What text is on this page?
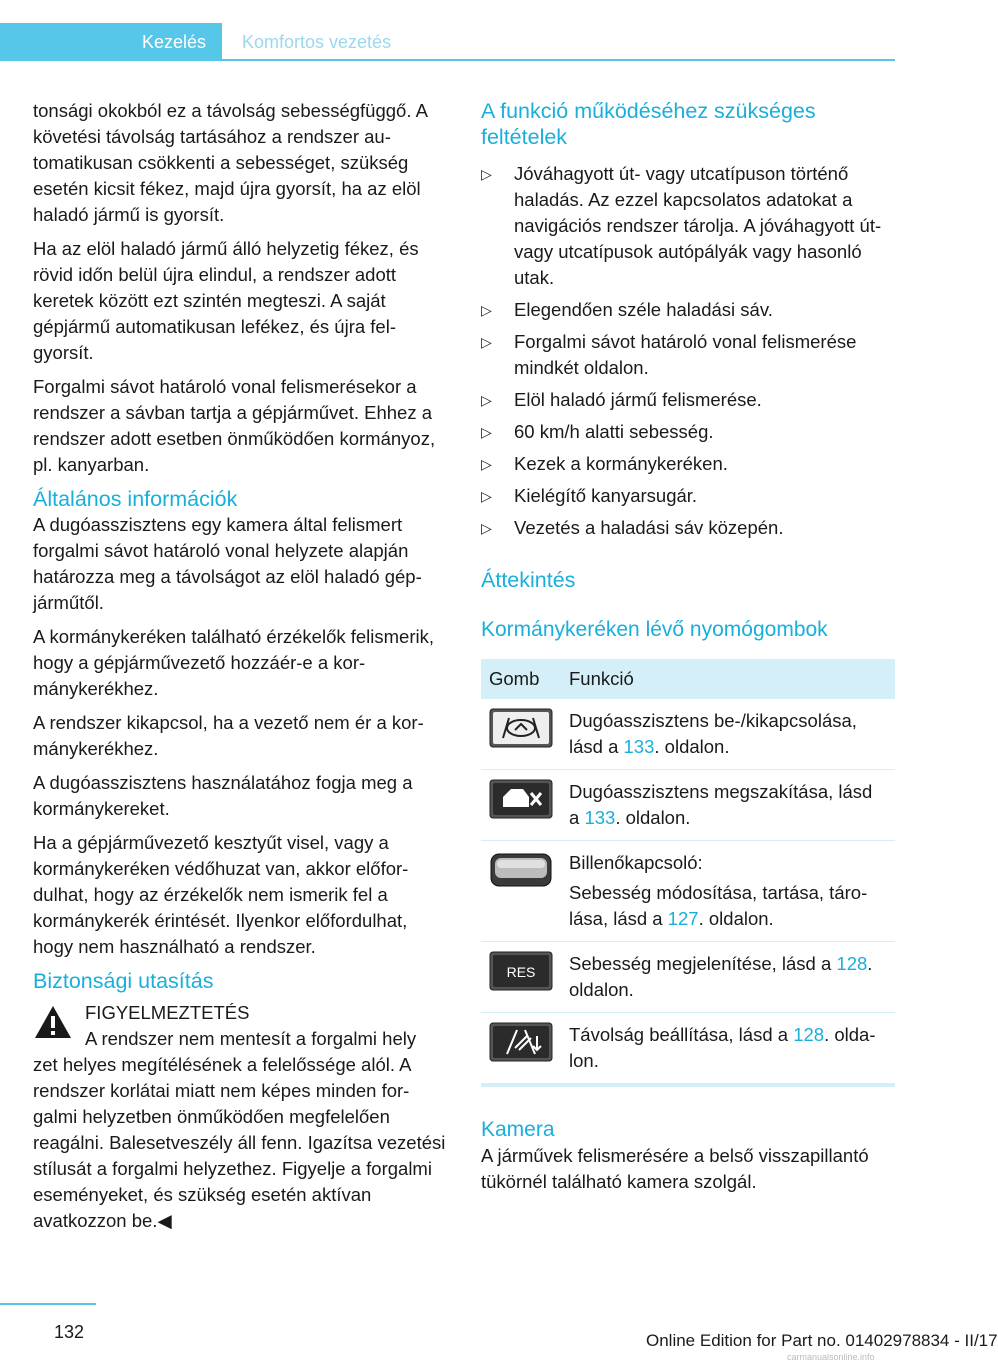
Kezelés	Komfortos vezetés

tonsági okokból ez a távolság sebességfüggő. A követési távolság tartásához a rendszer automatikusan csökkenti a sebességet, szükség esetén kicsit fékez, majd újra gyorsít, ha az elöl haladó jármű is gyorsít.

Ha az elöl haladó jármű álló helyzetig fékez, és rövid időn belül újra elindul, a rendszer adott keretek között ezt szintén megteszi. A saját gépjármű automatikusan lefékez, és újra felgyorsít.

Forgalmi sávot határoló vonal felismerésekor a rendszer a sávban tartja a gépjárművet. Ehhez a rendszer adott esetben önműködően kormányoz, pl. kanyarban.

Általános információk

A dugóasszisztens egy kamera által felismert forgalmi sávot határoló vonal helyzete alapján határozza meg a távolságot az elöl haladó gépjárműtől.

A kormánykeréken található érzékelők felismerik, hogy a gépjárművezető hozzáér-e a kormánykerékhez.

A rendszer kikapcsol, ha a vezető nem ér a kormánykerékhez.

A dugóasszisztens használatához fogja meg a kormánykereket.

Ha a gépjárművezető kesztyűt visel, vagy a kormánykeréken védőhuzat van, akkor előfordulhat, hogy az érzékelők nem ismerik fel a kormánykerék érintését. Ilyenkor előfordulhat, hogy nem használható a rendszer.

Biztonsági utasítás
FIGYELMEZTETÉS
A rendszer nem mentesít a forgalmi hely
zet helyes megítélésének a felelőssége alól. A rendszer korlátai miatt nem képes minden forgalmi helyzetben önműködően megfelelően reagálni. Balesetveszély áll fenn. Igazítsa vezetési stílusát a forgalmi helyzethez. Figyelje a forgalmi eseményeket, és szükség esetén aktívan avatkozzon be.◀
A funkció működéséhez szükséges feltételek
▷ Jóváhagyott út- vagy utcatípuson történő haladás. Az ezzel kapcsolatos adatokat a navigációs rendszer tárolja. A jóváhagyott út- vagy utcatípusok autópályák vagy hasonló utak.
▷ Elegendően széle haladási sáv.
▷ Forgalmi sávot határoló vonal felismerése mindkét oldalon.
▷ Elöl haladó jármű felismerése.
▷ 60 km/h alatti sebesség.
▷ Kezek a kormánykeréken.
▷ Kielégítő kanyarsugár.
▷ Vezetés a haladási sáv közepén.
Áttekintés
Kormánykeréken lévő nyomógombok
Gomb	Funkció

	Dugóasszisztens be-/kikapcsolása, lásd a 133. oldalon.

	Dugóasszisztens megszakítása, lásd a 133. oldalon.

Billenőkapcsoló:

Sebesség módosítása, tartása, tárolása, lásd a 127. oldalon.

RES	Sebesség megjelenítése, lásd a 128. oldalon.

	Távolság beállítása, lásd a 128. oldalon.
Kamera

A járművek felismerésére a belső visszapillantó tükörnél található kamera szolgál.

132	Online Edition for Part no. 01402978834 - II/17
carmanualsonline.info
